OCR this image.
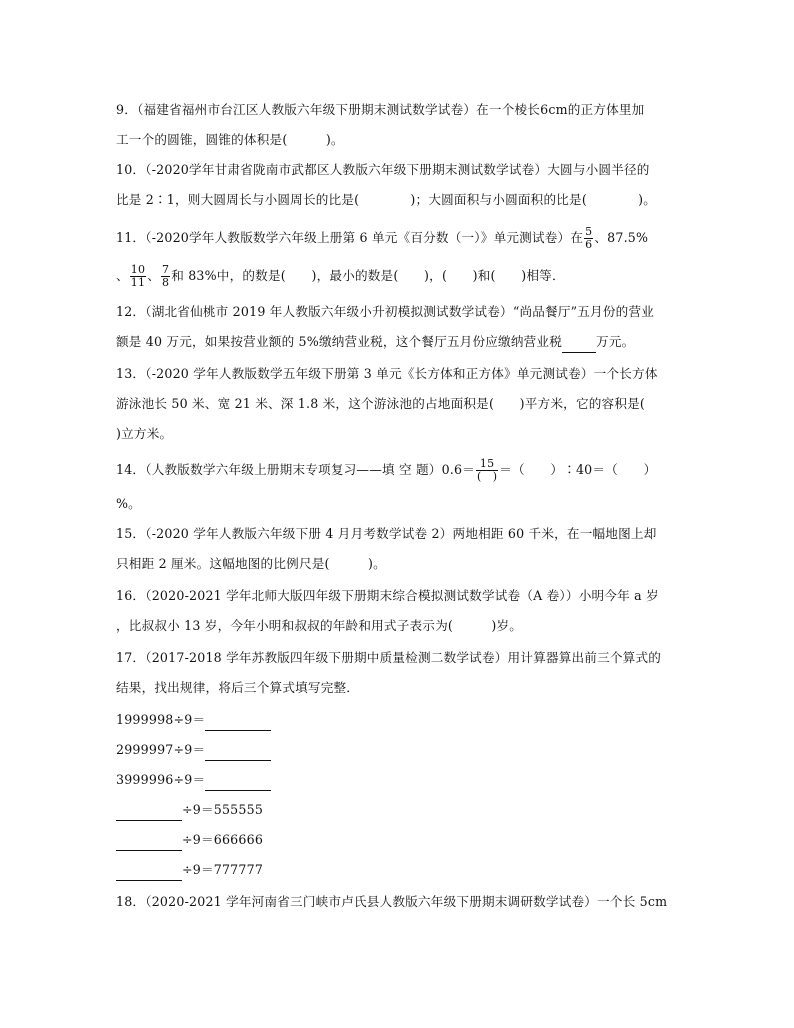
9．（福建省福州市台江区人教版六年级下册期末测试数学试卷）在一个棱长6cm的正方体里加
工一个的圆锥，圆锥的体积是(　　　)。
10．（-2020学年甘肃省陇南市武都区人教版六年级下册期末测试数学试卷）大圆与小圆半径的
比是 2∶1，则大圆周长与小圆周长的比是(　　　　)；大圆面积与小圆面积的比是(　　　　)。
11．（-2020学年人教版数学六年级上册第 6 单元《百分数（一）》单元测试卷）在 $\frac{5}{6}$ 、87.5%
、 $\frac{10}{11}$ 、 $\frac{7}{8}$ 和 83%中，的数是(　　)，最小的数是(　　)，(　　)和(　　)相等．
12．（湖北省仙桃市 2019 年人教版六年级小升初模拟测试数学试卷）“尚品餐厅”五月份的营业
额是 40 万元，如果按营业额的 5%缴纳营业税，这个餐厅五月份应缴纳营业税	万元。
13．（-2020 学年人教版数学五年级下册第 3 单元《长方体和正方体》单元测试卷）一个长方体
游泳池长 50 米、宽 21 米、深 1.8 米，这个游泳池的占地面积是(　　)平方米，它的容积是(
)立方米。
14．（人教版数学六年级上册期末专项复习——填 空 题）$0.6= \frac{15}{( )}$ ＝（　　）∶40＝（　　）
%。
15．（-2020 学年人教版六年级下册 4 月月考数学试卷 2）两地相距 60 千米，在一幅地图上却
只相距 2 厘米。这幅地图的比例尺是(　　　)。
16．（2020-2021 学年北师大版四年级下册期末综合模拟测试数学试卷（A 卷））小明今年 a 岁
，比叔叔小 13 岁，今年小明和叔叔的年龄和用式子表示为(　　　)岁。
17．（2017-2018 学年苏教版四年级下册期中质量检测二数学试卷）用计算器算出前三个算式的
结果，找出规律，将后三个算式填写完整．
1999998÷9＝
2999997÷9＝
3999996÷9＝
÷9＝555555
÷9＝666666
÷9＝777777
18．（2020-2021 学年河南省三门峡市卢氏县人教版六年级下册期末调研数学试卷）一个长 5cm
